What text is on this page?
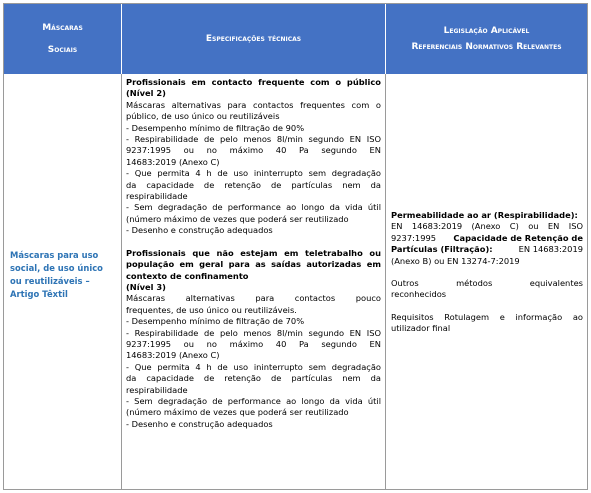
Máscaras Sociais
Especificações técnicas
Legislação Aplicável
Referenciais Normativos Relevantes
Máscaras para uso social, de uso único ou reutilizáveis – Artigo Têxtil
Profissionais em contacto frequente com o público
(Nível 2)
Máscaras alternativas para contactos frequentes com o
público, de uso único ou reutilizáveis
- Desempenho mínimo de filtração de 90%
- Respirabilidade de pelo menos 8l/min segundo EN ISO
9237:1995 ou no máximo 40 Pa segundo EN
14683:2019 (Anexo C)
- Que permita 4 h de uso ininterrupto sem degradação
da capacidade de retenção de partículas nem da
respirabilidade
- Sem degradação de performance ao longo da vida útil
(número máximo de vezes que poderá ser reutilizado
- Desenho e construção adequados
Profissionais que não estejam em teletrabalho ou
população em geral para as saídas autorizadas em
contexto de confinamento
(Nível 3)
Máscaras alternativas para contactos pouco
frequentes, de uso único ou reutilizáveis.
- Desempenho mínimo de filtração de 70%
- Respirabilidade de pelo menos 8l/min segundo EN ISO
9237:1995 ou no máximo 40 Pa segundo EN
14683:2019 (Anexo C)
- Que permita 4 h de uso ininterrupto sem degradação
da capacidade de retenção de partículas nem da
respirabilidade
- Sem degradação de performance ao longo da vida útil
(número máximo de vezes que poderá ser reutilizado
- Desenho e construção adequados
Permeabilidade ao ar (Respirabilidade):
EN 14683:2019 (Anexo C) ou EN ISO
9237:1995 Capacidade de Retenção de
Partículas (Filtração):	EN 14683:2019
(Anexo B) ou EN 13274-7:2019
Outros métodos equivalentes
reconhecidos
Requisitos Rotulagem e informação ao
utilizador final
